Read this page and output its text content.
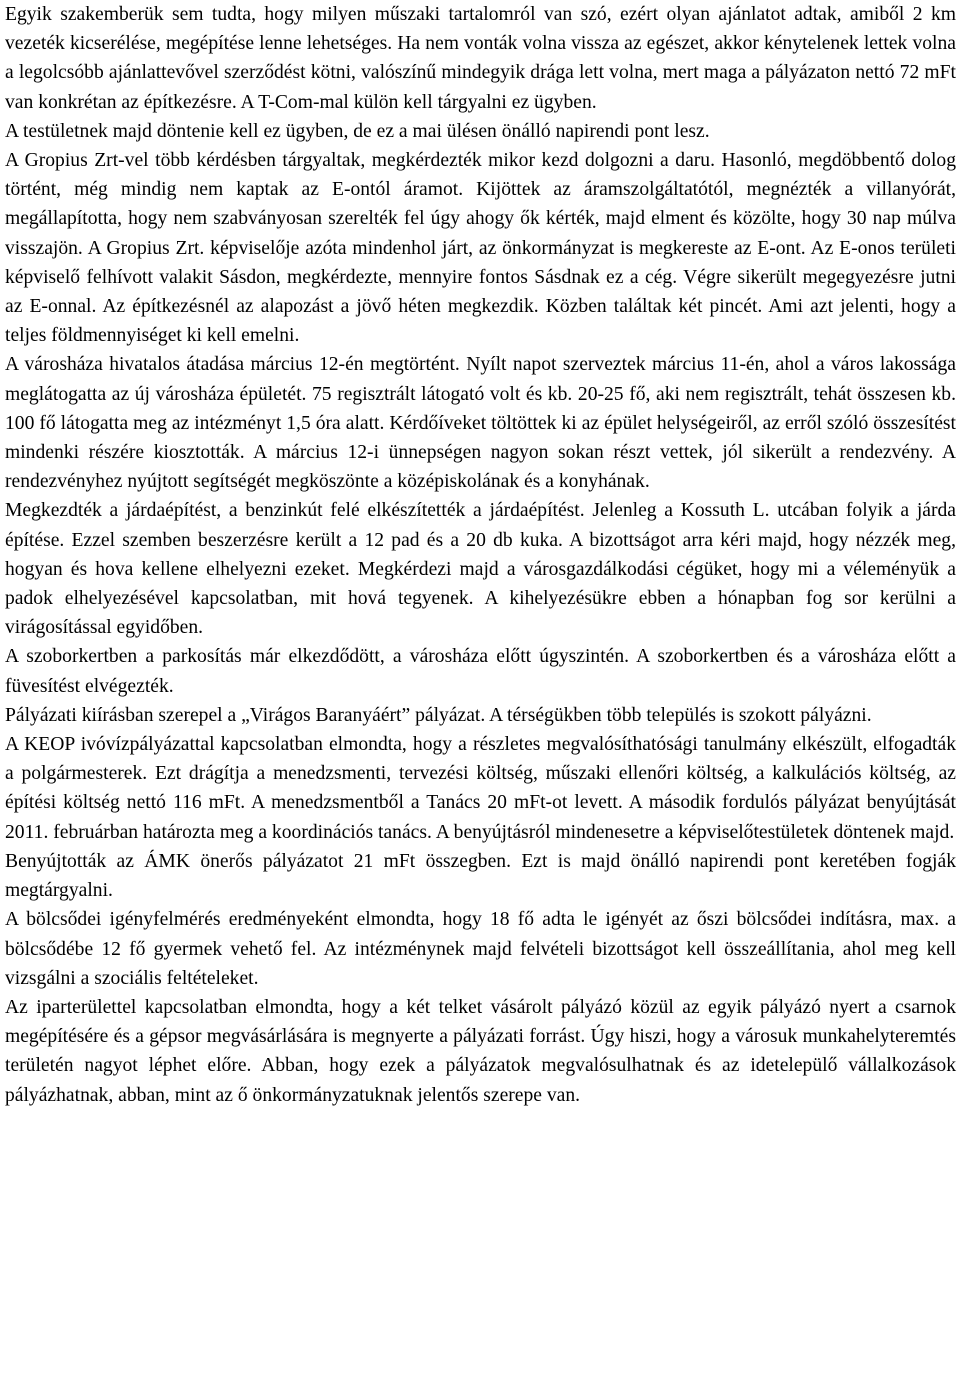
Egyik szakemberük sem tudta, hogy milyen műszaki tartalomról van szó, ezért olyan ajánlatot adtak, amiből 2 km vezeték kicserélése, megépítése lenne lehetséges. Ha nem vonták volna vissza az egészet, akkor kénytelenek lettek volna a legolcsóbb ajánlattevővel szerződést kötni, valószínű mindegyik drága lett volna, mert maga a pályázaton nettó 72 mFt van konkrétan az építkezésre. A T-Com-mal külön kell tárgyalni ez ügyben.

A testületnek majd döntenie kell ez ügyben, de ez a mai ülésen önálló napirendi pont lesz.

A Gropius Zrt-vel több kérdésben tárgyaltak, megkérdezték mikor kezd dolgozni a daru. Hasonló, megdöbbentő dolog történt, még mindig nem kaptak az E-ontól áramot. Kijöttek az áramszolgáltatótól, megnézték a villanyórát, megállapította, hogy nem szabványosan szerelték fel úgy ahogy ők kérték, majd elment és közölte, hogy 30 nap múlva visszajön. A Gropius Zrt. képviselője azóta mindenhol járt, az önkormányzat is megkereste az E-ont. Az E-onos területi képviselő felhívott valakit Sásdon, megkérdezte, mennyire fontos Sásdnak ez a cég. Végre sikerült megegyezésre jutni az E-onnal. Az építkezésnél az alapozást a jövő héten megkezdik. Közben találtak két pincét. Ami azt jelenti, hogy a teljes földmennyiséget ki kell emelni.

A városháza hivatalos átadása március 12-én megtörtént. Nyílt napot szerveztek március 11-én, ahol a város lakossága meglátogatta az új városháza épületét. 75 regisztrált látogató volt és kb. 20-25 fő, aki nem regisztrált, tehát összesen kb. 100 fő látogatta meg az intézményt 1,5 óra alatt. Kérdőíveket töltöttek ki az épület helységeiről, az erről szóló összesítést mindenki részére kiosztották. A március 12-i ünnepségen nagyon sokan részt vettek, jól sikerült a rendezvény. A rendezvényhez nyújtott segítségét megköszönte a középiskolának és a konyhának.

Megkezdték a járdaépítést, a benzinkút felé elkészítették a járdaépítést. Jelenleg a Kossuth L. utcában folyik a járda építése. Ezzel szemben beszerzésre került a 12 pad és a 20 db kuka. A bizottságot arra kéri majd, hogy nézzék meg, hogyan és hova kellene elhelyezni ezeket. Megkérdezi majd a városgazdálkodási cégüket, hogy mi a véleményük a padok elhelyezésével kapcsolatban, mit hová tegyenek. A kihelyezésükre ebben a hónapban fog sor kerülni a virágosítással egyidőben.

A szoborkertben a parkosítás már elkezdődött, a városháza előtt úgyszintén. A szoborkertben és a városháza előtt a füvesítést elvégezték.

Pályázati kiírásban szerepel a „Virágos Baranyáért” pályázat. A térségükben több település is szokott pályázni.

A KEOP ivóvízpályázattal kapcsolatban elmondta, hogy a részletes megvalósíthatósági tanulmány elkészült, elfogadták a polgármesterek. Ezt drágítja a menedzsmenti, tervezési költség, műszaki ellenőri költség, a kalkulációs költség, az építési költség nettó 116 mFt. A menedzsmentből a Tanács 20 mFt-ot levett. A második fordulós pályázat benyújtását 2011. februárban határozta meg a koordinációs tanács. A benyújtásról mindenesetre a képviselőtestületek döntenek majd.

Benyújtották az ÁMK önerős pályázatot 21 mFt összegben. Ezt is majd önálló napirendi pont keretében fogják megtárgyalni.

A bölcsődei igényfelmérés eredményeként elmondta, hogy 18 fő adta le igényét az őszi bölcsődei indításra, max. a bölcsődébe 12 fő gyermek vehető fel. Az intézménynek majd felvételi bizottságot kell összeállítania, ahol meg kell vizsgálni a szociális feltételeket.

Az iparterülettel kapcsolatban elmondta, hogy a két telket vásárolt pályázó közül az egyik pályázó nyert a csarnok megépítésére és a gépsor megvásárlására is megnyerte a pályázati forrást. Úgy hiszi, hogy a városuk munkahelyteremtés területén nagyot léphet előre. Abban, hogy ezek a pályázatok megvalósulhatnak és az idetelepülő vállalkozások pályázhatnak, abban, mint az ő önkormányzatuknak jelentős szerepe van.
